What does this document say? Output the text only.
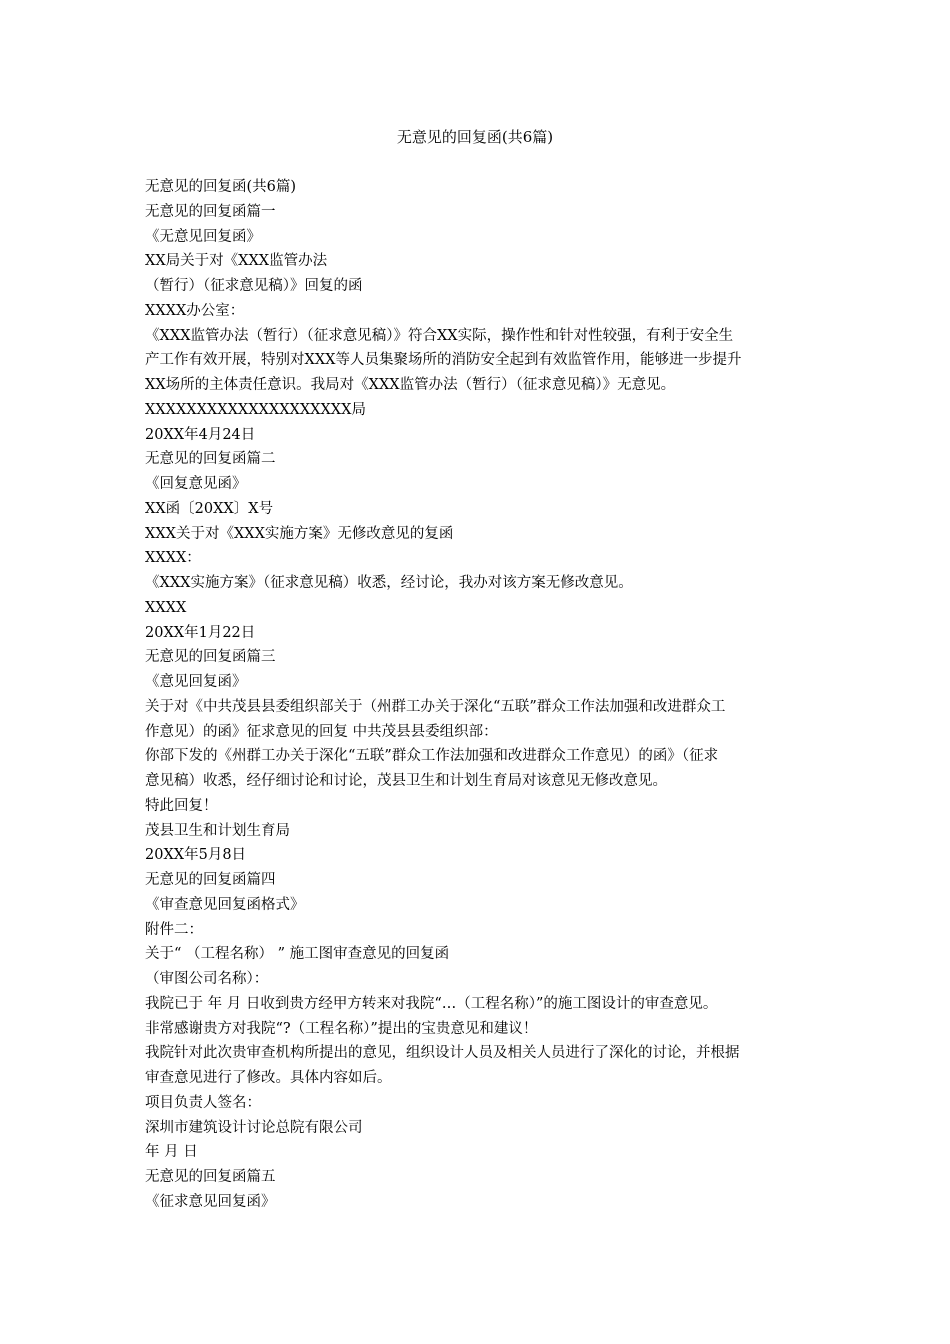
无意见的回复函(共6篇)
无意见的回复函(共6篇)
无意见的回复函篇一
《无意见回复函》
XX局关于对《XXX监管办法
（暂行）（征求意见稿）》回复的函
XXXX办公室：
《XXX监管办法（暂行）（征求意见稿）》符合XX实际，操作性和针对性较强，有利于安全生
产工作有效开展，特别对XXX等人员集聚场所的消防安全起到有效监管作用，能够进一步提升
XX场所的主体责任意识。我局对《XXX监管办法（暂行）（征求意见稿）》无意见。
XXXXXXXXXXXXXXXXXXXX局
20XX年4月24日
无意见的回复函篇二
《回复意见函》
XX函〔20XX〕X号
XXX关于对《XXX实施方案》无修改意见的复函
XXXX：
《XXX实施方案》（征求意见稿）收悉，经讨论，我办对该方案无修改意见。
XXXX
20XX年1月22日
无意见的回复函篇三
《意见回复函》
关于对《中共茂县县委组织部关于（州群工办关于深化“五联”群众工作法加强和改进群众工
作意见）的函》征求意见的回复 中共茂县县委组织部：
你部下发的《州群工办关于深化“五联”群众工作法加强和改进群众工作意见）的函》（征求
意见稿）收悉，经仔细讨论和讨论，茂县卫生和计划生育局对该意见无修改意见。
特此回复！
茂县卫生和计划生育局
20XX年5月8日
无意见的回复函篇四
《审查意见回复函格式》
附件二：
关于“ （工程名称） ” 施工图审查意见的回复函
（审图公司名称）：
我院已于 年 月 日收到贵方经甲方转来对我院“…（工程名称）”的施工图设计的审查意见。
非常感谢贵方对我院“?（工程名称）”提出的宝贵意见和建议！
我院针对此次贵审查机构所提出的意见，组织设计人员及相关人员进行了深化的讨论，并根据
审查意见进行了修改。具体内容如后。
项目负责人签名：
深圳市建筑设计讨论总院有限公司
年 月 日
无意见的回复函篇五
《征求意见回复函》
